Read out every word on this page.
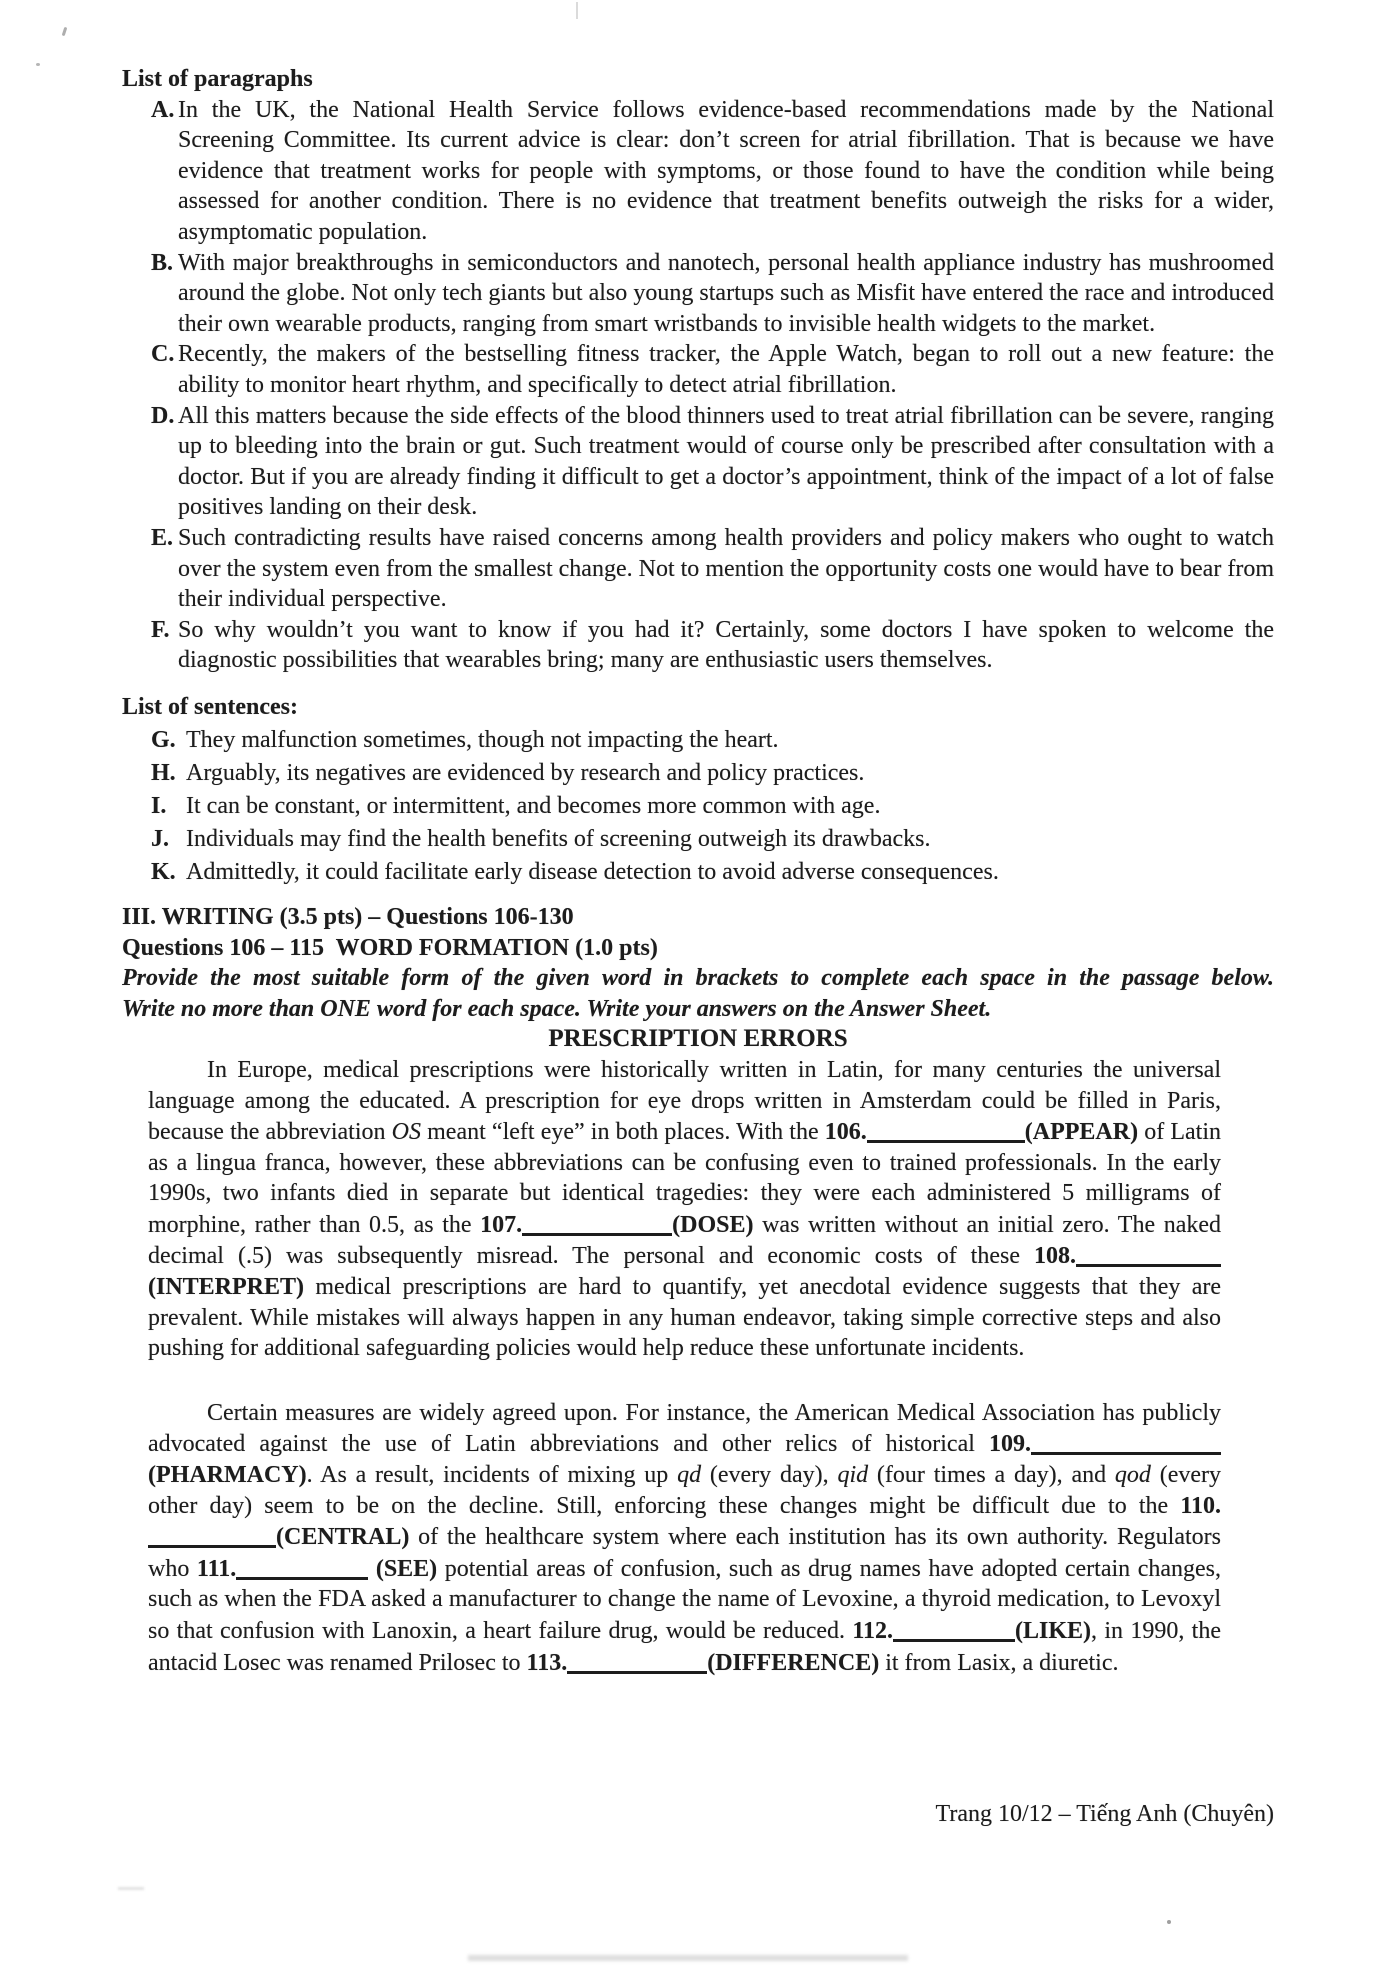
List of paragraphs
A. In the UK, the National Health Service follows evidence-based recommendations made by the National Screening Committee. Its current advice is clear: don’t screen for atrial fibrillation. That is because we have evidence that treatment works for people with symptoms, or those found to have the condition while being assessed for another condition. There is no evidence that treatment benefits outweigh the risks for a wider, asymptomatic population.
B. With major breakthroughs in semiconductors and nanotech, personal health appliance industry has mushroomed around the globe. Not only tech giants but also young startups such as Misfit have entered the race and introduced their own wearable products, ranging from smart wristbands to invisible health widgets to the market.
C. Recently, the makers of the bestselling fitness tracker, the Apple Watch, began to roll out a new feature: the ability to monitor heart rhythm, and specifically to detect atrial fibrillation.
D. All this matters because the side effects of the blood thinners used to treat atrial fibrillation can be severe, ranging up to bleeding into the brain or gut. Such treatment would of course only be prescribed after consultation with a doctor. But if you are already finding it difficult to get a doctor’s appointment, think of the impact of a lot of false positives landing on their desk.
E. Such contradicting results have raised concerns among health providers and policy makers who ought to watch over the system even from the smallest change. Not to mention the opportunity costs one would have to bear from their individual perspective.
F. So why wouldn’t you want to know if you had it? Certainly, some doctors I have spoken to welcome the diagnostic possibilities that wearables bring; many are enthusiastic users themselves.
List of sentences:
G. They malfunction sometimes, though not impacting the heart.
H. Arguably, its negatives are evidenced by research and policy practices.
I. It can be constant, or intermittent, and becomes more common with age.
J. Individuals may find the health benefits of screening outweigh its drawbacks.
K. Admittedly, it could facilitate early disease detection to avoid adverse consequences.
III. WRITING (3.5 pts) – Questions 106-130
Questions 106 – 115  WORD FORMATION (1.0 pts)
Provide the most suitable form of the given word in brackets to complete each space in the passage below.
Write no more than ONE word for each space. Write your answers on the Answer Sheet.
PRESCRIPTION ERRORS

In Europe, medical prescriptions were historically written in Latin, for many centuries the universal language among the educated. A prescription for eye drops written in Amsterdam could be filled in Paris, because the abbreviation OS meant “left eye” in both places. With the 106.	(APPEAR) of Latin as a lingua franca, however, these abbreviations can be confusing even to trained professionals. In the early 1990s, two infants died in separate but identical tragedies: they were each administered 5 milligrams of morphine, rather than 0.5, as the 107.	(DOSE) was written without an initial zero. The naked decimal (.5) was subsequently misread. The personal and economic costs of these 108.(INTERPRET) medical prescriptions are hard to quantify, yet anecdotal evidence suggests that they are prevalent. While mistakes will always happen in any human endeavor, taking simple corrective steps and also pushing for additional safeguarding policies would help reduce these unfortunate incidents.

Certain measures are widely agreed upon. For instance, the American Medical Association has publicly advocated against the use of Latin abbreviations and other relics of historical 109.(PHARMACY). As a result, incidents of mixing up qd (every day), qid (four times a day), and qod (every other day) seem to be on the decline. Still, enforcing these changes might be difficult due to the 110.(CENTRAL) of the healthcare system where each institution has its own authority. Regulators who 111.	(SEE) potential areas of confusion, such as drug names have adopted certain changes, such as when the FDA asked a manufacturer to change the name of Levoxine, a thyroid medication, to Levoxyl so that confusion with Lanoxin, a heart failure drug, would be reduced. 112.	(LIKE), in 1990, the antacid Losec was renamed Prilosec to 113.	(DIFFERENCE) it from Lasix, a diuretic.

Trang 10/12 – Tiếng Anh (Chuyên)
